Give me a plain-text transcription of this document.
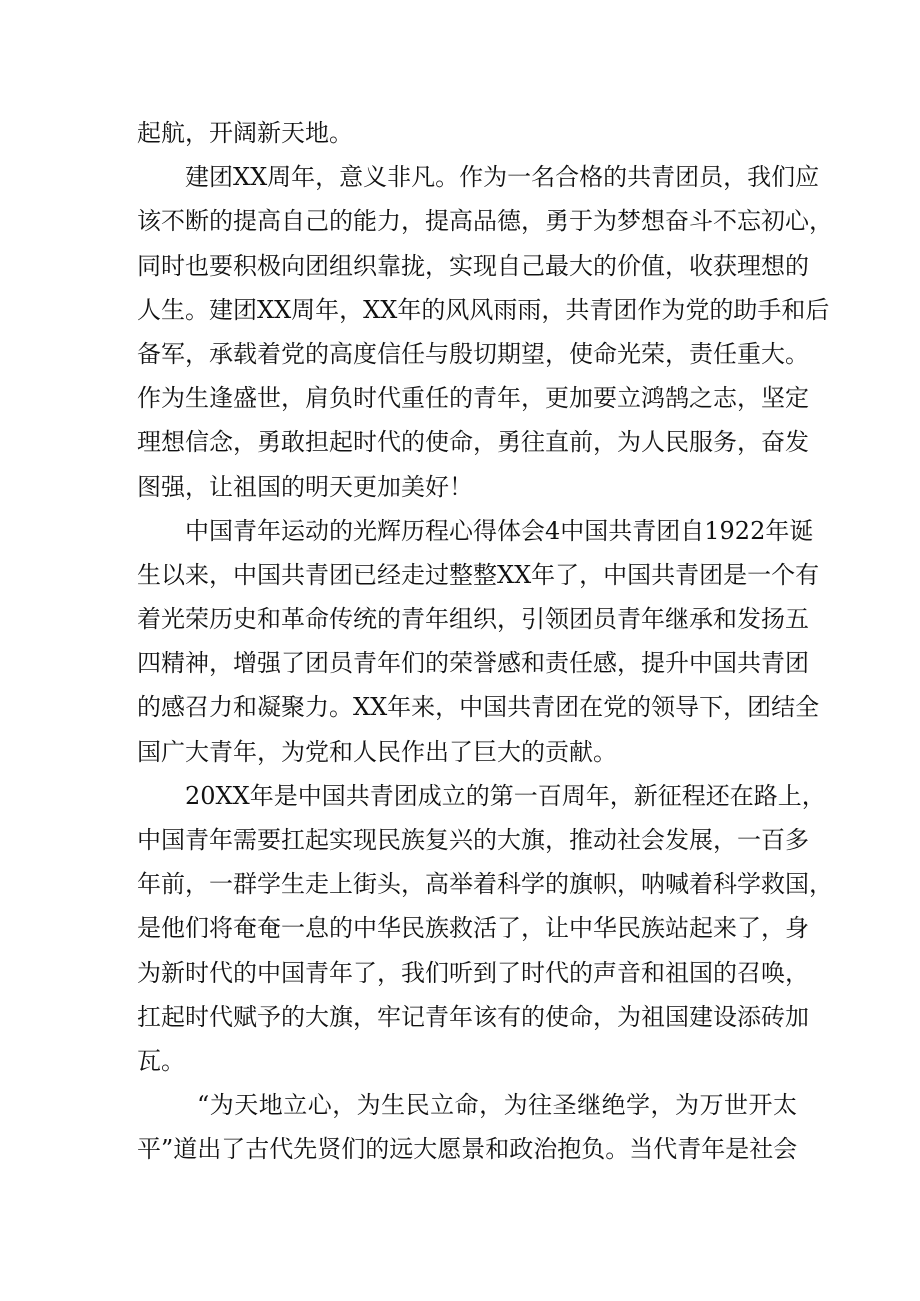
起航，开阔新天地。
建团XX周年，意义非凡。作为一名合格的共青团员，我们应
该不断的提高自己的能力，提高品德，勇于为梦想奋斗不忘初心，
同时也要积极向团组织靠拢，实现自己最大的价值，收获理想的
人生。建团XX周年，XX年的风风雨雨，共青团作为党的助手和后
备军，承载着党的高度信任与殷切期望，使命光荣，责任重大。
作为生逢盛世，肩负时代重任的青年，更加要立鸿鹄之志，坚定
理想信念，勇敢担起时代的使命，勇往直前，为人民服务，奋发
图强，让祖国的明天更加美好！
中国青年运动的光辉历程心得体会4中国共青团自1922年诞
生以来，中国共青团已经走过整整XX年了，中国共青团是一个有
着光荣历史和革命传统的青年组织，引领团员青年继承和发扬五
四精神，增强了团员青年们的荣誉感和责任感，提升中国共青团
的感召力和凝聚力。XX年来，中国共青团在党的领导下，团结全
国广大青年，为党和人民作出了巨大的贡献。
20XX年是中国共青团成立的第一百周年，新征程还在路上，
中国青年需要扛起实现民族复兴的大旗，推动社会发展，一百多
年前，一群学生走上街头，高举着科学的旗帜，呐喊着科学救国，
是他们将奄奄一息的中华民族救活了，让中华民族站起来了，身
为新时代的中国青年了，我们听到了时代的声音和祖国的召唤，
扛起时代赋予的大旗，牢记青年该有的使命，为祖国建设添砖加
瓦。
“为天地立心，为生民立命，为往圣继绝学，为万世开太
平”道出了古代先贤们的远大愿景和政治抱负。当代青年是社会
